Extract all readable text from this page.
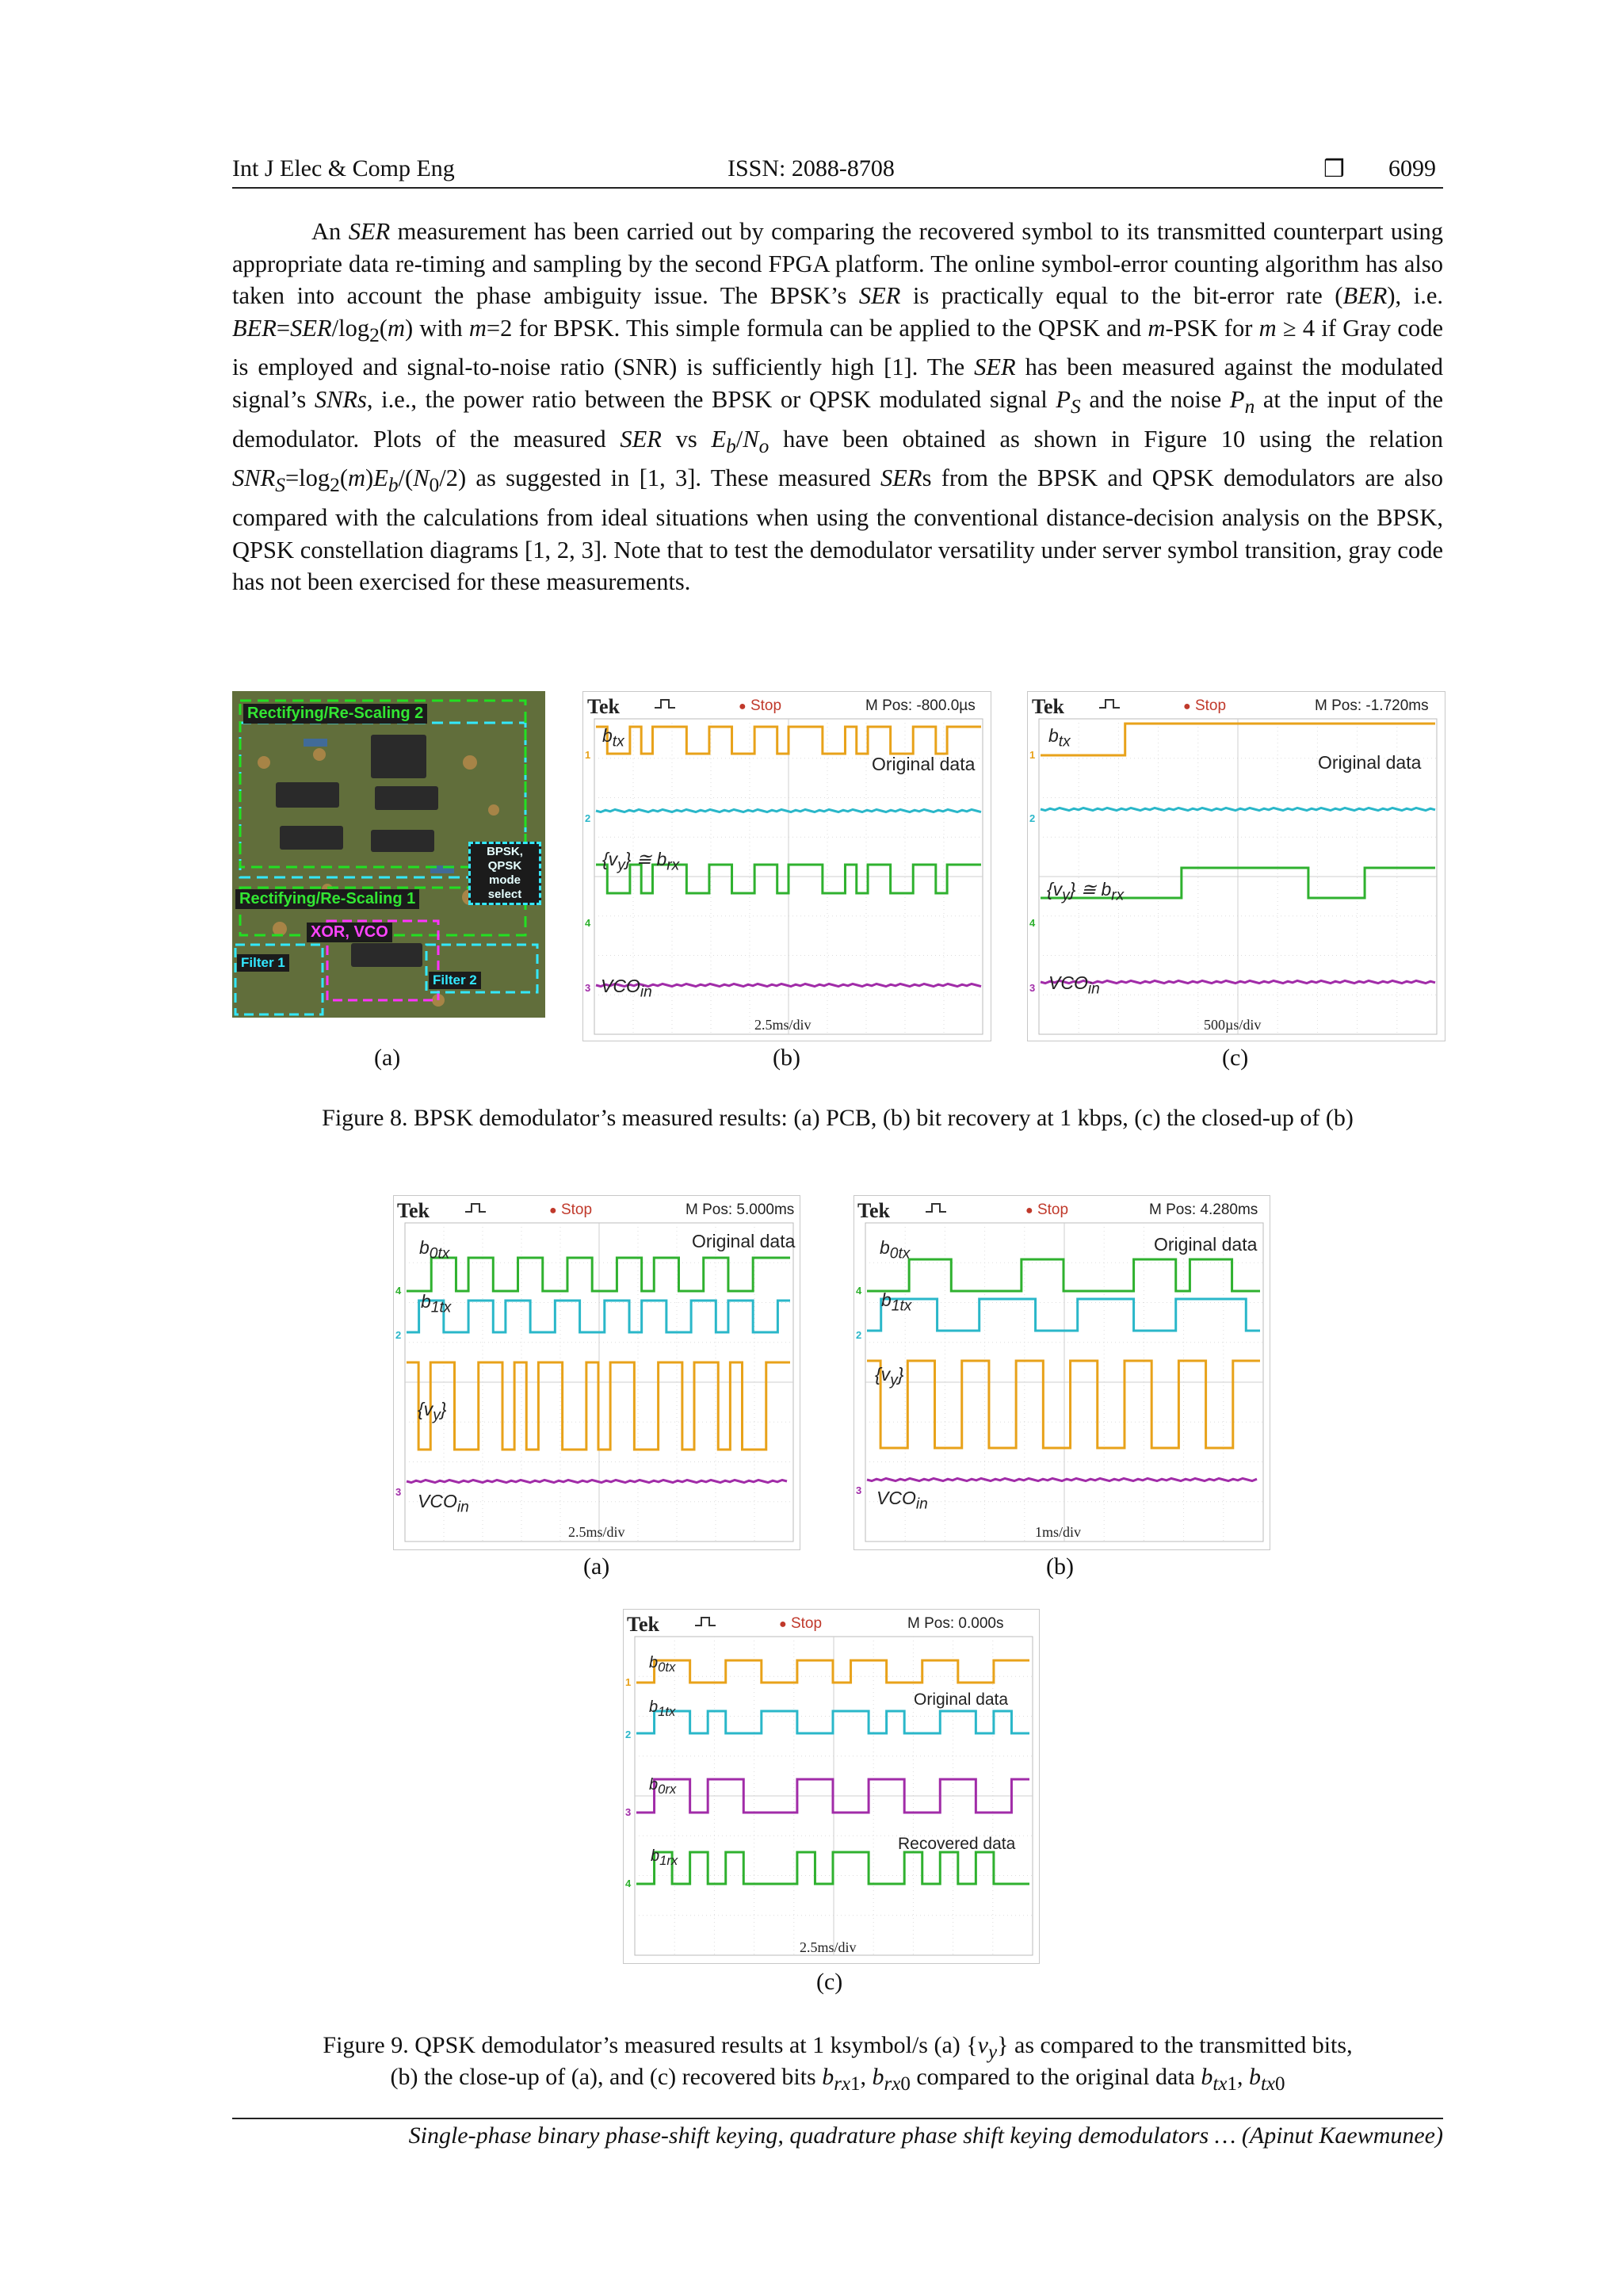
Int J Elec & Comp Eng	ISSN: 2088-8708	❒ 6099

An SER measurement has been carried out by comparing the recovered symbol to its transmitted counterpart using appropriate data re-timing and sampling by the second FPGA platform. The online symbol-error counting algorithm has also taken into account the phase ambiguity issue. The BPSK’s SER is practically equal to the bit-error rate (BER), i.e. $BER=SER/\log_2(m)$ with m=2 for BPSK. This simple formula can be applied to the QPSK and m-PSK for m ≥ 4 if Gray code is employed and signal-to-noise ratio (SNR) is sufficiently high [1]. The SER has been measured against the modulated signal’s SNRs, i.e., the power ratio between the BPSK or QPSK modulated signal $P_S$ and the noise $P_n$ at the input of the demodulator. Plots of the measured SER vs $E_b/N_o$ have been obtained as shown in Figure 10 using the relation $SNR_S=\log_2(m)E_b/(N_0/2)$ as suggested in [1, 3]. These measured SERs from the BPSK and QPSK demodulators are also compared with the calculations from ideal situations when using the conventional distance-decision analysis on the BPSK, QPSK constellation diagrams [1, 2, 3]. Note that to test the demodulator versatility under server symbol transition, gray code has not been exercised for these measurements.

Rectifying/Re-Scaling 2
Rectifying/Re-Scaling 1
BPSK, QPSK mode select
XOR, VCO
Filter 1
Filter 2
1
2
4
3
Tek	● Stop	M Pos: -800.0µs
$b_{tx}$
Original data
$\{v_y\}$ ≅ $b_{rx}$
$VCO_{in}$
2.5ms/div
1
2
4
3
Tek	● Stop	M Pos: -1.720ms
$b_{tx}$
Original data
$\{v_y\}$ ≅ $b_{rx}$
$VCO_{in}$
500µs/div
(a)	(b)	(c)
Figure 8. BPSK demodulator’s measured results: (a) PCB, (b) bit recovery at 1 kbps, (c) the closed-up of (b)
4
2
3
Tek	● Stop	M Pos: 5.000ms
Original data
$b_{0tx}$
$b_{1tx}$
$\{v_y\}$
$VCO_{in}$
2.5ms/div
4
2
3
Tek	● Stop	M Pos: 4.280ms
Original data
$b_{0tx}$
$b_{1tx}$
$\{v_y\}$
$VCO_{in}$
1ms/div
(a)	(b)
1
2
3
4
Tek	● Stop	M Pos: 0.000s
$b_{0tx}$
$b_{1tx}$
Original data
$b_{0rx}$
Recovered data
$b_{1rx}$
2.5ms/div
(c)
Figure 9. QPSK demodulator’s measured results at 1 ksymbol/s (a) $\{v_y\}$ as compared to the transmitted bits,
(b) the close-up of (a), and (c) recovered bits $b_{rx1}$, $b_{rx0}$ compared to the original data $b_{tx1}$, $b_{tx0}$
Single-phase binary phase-shift keying, quadrature phase shift keying demodulators … (Apinut Kaewmunee)
